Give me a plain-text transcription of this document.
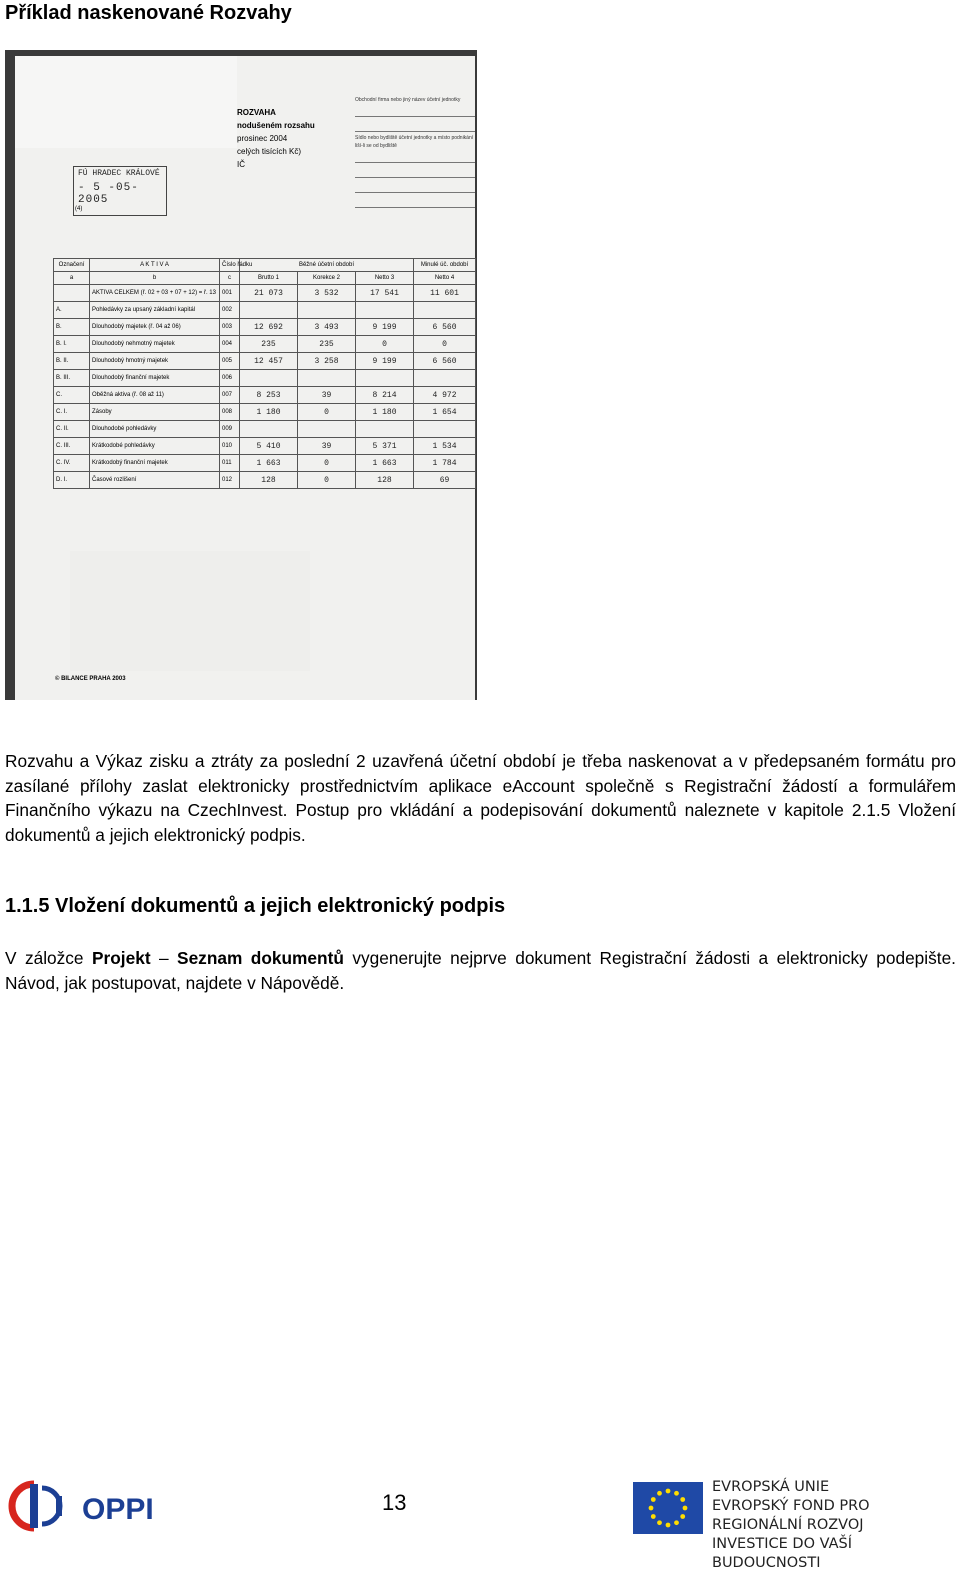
Příklad naskenované Rozvahy
ROZVAHA
nodušeném rozsahu
prosinec 2004
celých tisících Kč)
IČ
Obchodní firma nebo jiný název účetní jednotky
Sídlo nebo bydliště účetní jednotky a místo podnikání liší-li se od bydliště
FÚ HRADEC KRÁLOVÉ
- 5 -05- 2005
(4)
Označení	A K T I V A	Číslo řádku	Běžné účetní období			Minulé úč. období
a	b	c	Brutto 1	Korekce 2	Netto 3	Netto 4
	AKTIVA CELKEM (ř. 02 + 03 + 07 + 12) = ř. 13	001	21 073	3 532	17 541	11 601
A.	Pohledávky za upsaný základní kapitál	002				
B.	Dlouhodobý majetek (ř. 04 až 06)	003	12 692	3 493	9 199	6 560
B. I.	Dlouhodobý nehmotný majetek	004	235	235	0	0
B. II.	Dlouhodobý hmotný majetek	005	12 457	3 258	9 199	6 560
B. III.	Dlouhodobý finanční majetek	006				
C.	Oběžná aktiva (ř. 08 až 11)	007	8 253	39	8 214	4 972
C. I.	Zásoby	008	1 180	0	1 180	1 654
C. II.	Dlouhodobé pohledávky	009				
C. III.	Krátkodobé pohledávky	010	5 410	39	5 371	1 534
C. IV.	Krátkodobý finanční majetek	011	1 663	0	1 663	1 784
D. I.	Časové rozlišení	012	128	0	128	69
© BILANCE PRAHA 2003
Rozvahu a Výkaz zisku a ztráty za poslední 2 uzavřená účetní období je třeba naskenovat a v předepsaném formátu pro zasílané přílohy zaslat elektronicky prostřednictvím aplikace eAccount společně s Registrační žádostí a formulářem Finančního výkazu na CzechInvest. Postup pro vkládání a podepisování dokumentů naleznete v kapitole 2.1.5 Vložení dokumentů a jejich elektronický podpis.
1.1.5 Vložení dokumentů a jejich elektronický podpis
V záložce Projekt – Seznam dokumentů vygenerujte nejprve dokument Registrační žádosti a elektronicky podepište. Návod, jak postupovat, najdete v Nápovědě.
OPPI	13
EVROPSKÁ UNIE
EVROPSKÝ FOND PRO REGIONÁLNÍ ROZVOJ
INVESTICE DO VAŠÍ BUDOUCNOSTI
